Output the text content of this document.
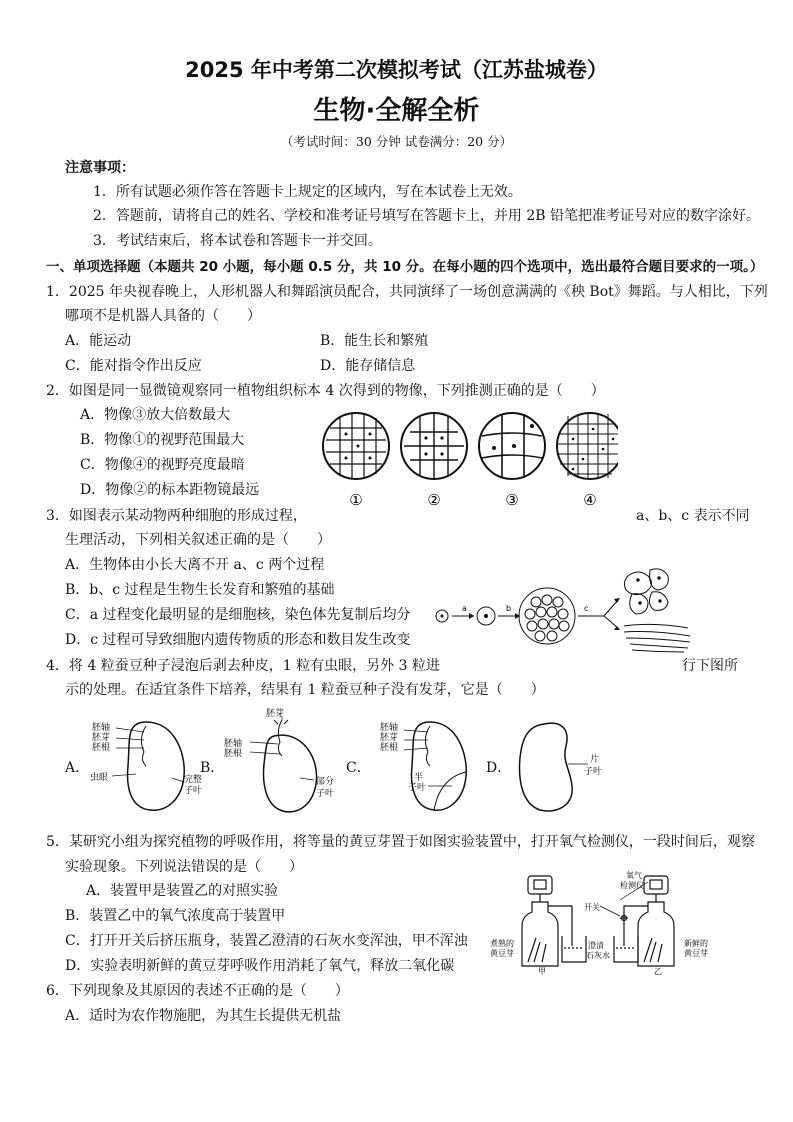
2025 年中考第二次模拟考试（江苏盐城卷）
生物·全解全析
（考试时间：30 分钟 试卷满分：20 分）
注意事项：
1．所有试题必须作答在答题卡上规定的区域内，写在本试卷上无效。
2．答题前，请将自己的姓名、学校和准考证号填写在答题卡上，并用 2B 铅笔把准考证号对应的数字涂好。
3．考试结束后，将本试卷和答题卡一并交回。
一、单项选择题（本题共 20 小题，每小题 0.5 分，共 10 分。在每小题的四个选项中，选出最符合题目要求的一项。）
1．2025 年央视春晚上，人形机器人和舞蹈演员配合，共同演绎了一场创意满满的《秧 Bot》舞蹈。与人相比，下列
哪项不是机器人具备的（　　）
A．能运动	B．能生长和繁殖
C．能对指令作出反应	D．能存储信息
2．如图是同一显微镜观察同一植物组织标本 4 次得到的物像，下列推测正确的是（　　）
A．物像③放大倍数最大
B．物像①的视野范围最大
C．物像④的视野亮度最暗
D．物像②的标本距物镜最远
①	②	③	④
3．如图表示某动物两种细胞的形成过程，	a、b、c 表示不同
生理活动，下列相关叙述正确的是（　　）
A．生物体由小长大离不开 a、c 两个过程
B．b、c 过程是生物生长发育和繁殖的基础
C．a 过程变化最明显的是细胞核，染色体先复制后均分
D．c 过程可导致细胞内遗传物质的形态和数目发生改变
a	b	c
4．将 4 粒蚕豆种子浸泡后剥去种皮，1 粒有虫眼，另外 3 粒进	行下图所
示的处理。在适宜条件下培养，结果有 1 粒蚕豆种子没有发芽，它是（　　）
A．
胚轴
胚芽
胚根
虫眼	完整
子叶
B．
胚芽
胚轴
胚根
部分
子叶
C．
胚轴
胚芽
胚根
半
子叶
D．	片
子叶
5．某研究小组为探究植物的呼吸作用，将等量的黄豆芽置于如图实验装置中，打开氧气检测仪，一段时间后，观察
实验现象。下列说法错误的是（　　）
A．装置甲是装置乙的对照实验
B．装置乙中的氧气浓度高于装置甲
C．打开开关后挤压瓶身，装置乙澄清的石灰水变浑浊，甲不浑浊
D．实验表明新鲜的黄豆芽呼吸作用消耗了氧气，释放二氧化碳
氧气
检测仪
开关
煮熟的
黄豆芽
澄清
石灰水
新鲜的
黄豆芽
甲	乙
6．下列现象及其原因的表述不正确的是（　　）
A．适时为农作物施肥，为其生长提供无机盐
